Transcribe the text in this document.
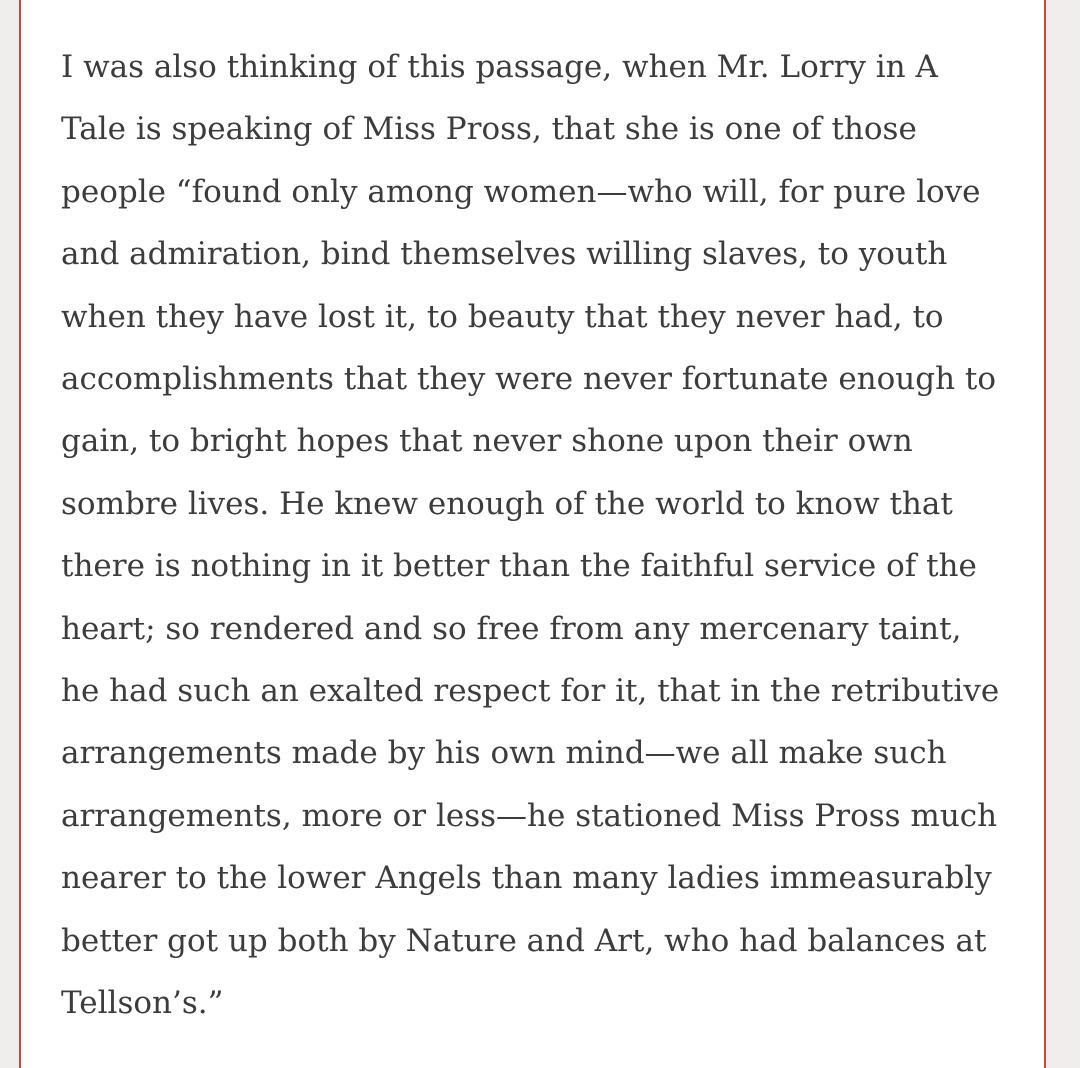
I was also thinking of this passage, when Mr. Lorry in A
Tale is speaking of Miss Pross, that she is one of those
people “found only among women—who will, for pure love
and admiration, bind themselves willing slaves, to youth
when they have lost it, to beauty that they never had, to
accomplishments that they were never fortunate enough to
gain, to bright hopes that never shone upon their own
sombre lives. He knew enough of the world to know that
there is nothing in it better than the faithful service of the
heart; so rendered and so free from any mercenary taint,
he had such an exalted respect for it, that in the retributive
arrangements made by his own mind—we all make such
arrangements, more or less—he stationed Miss Pross much
nearer to the lower Angels than many ladies immeasurably
better got up both by Nature and Art, who had balances at
Tellson’s.”
